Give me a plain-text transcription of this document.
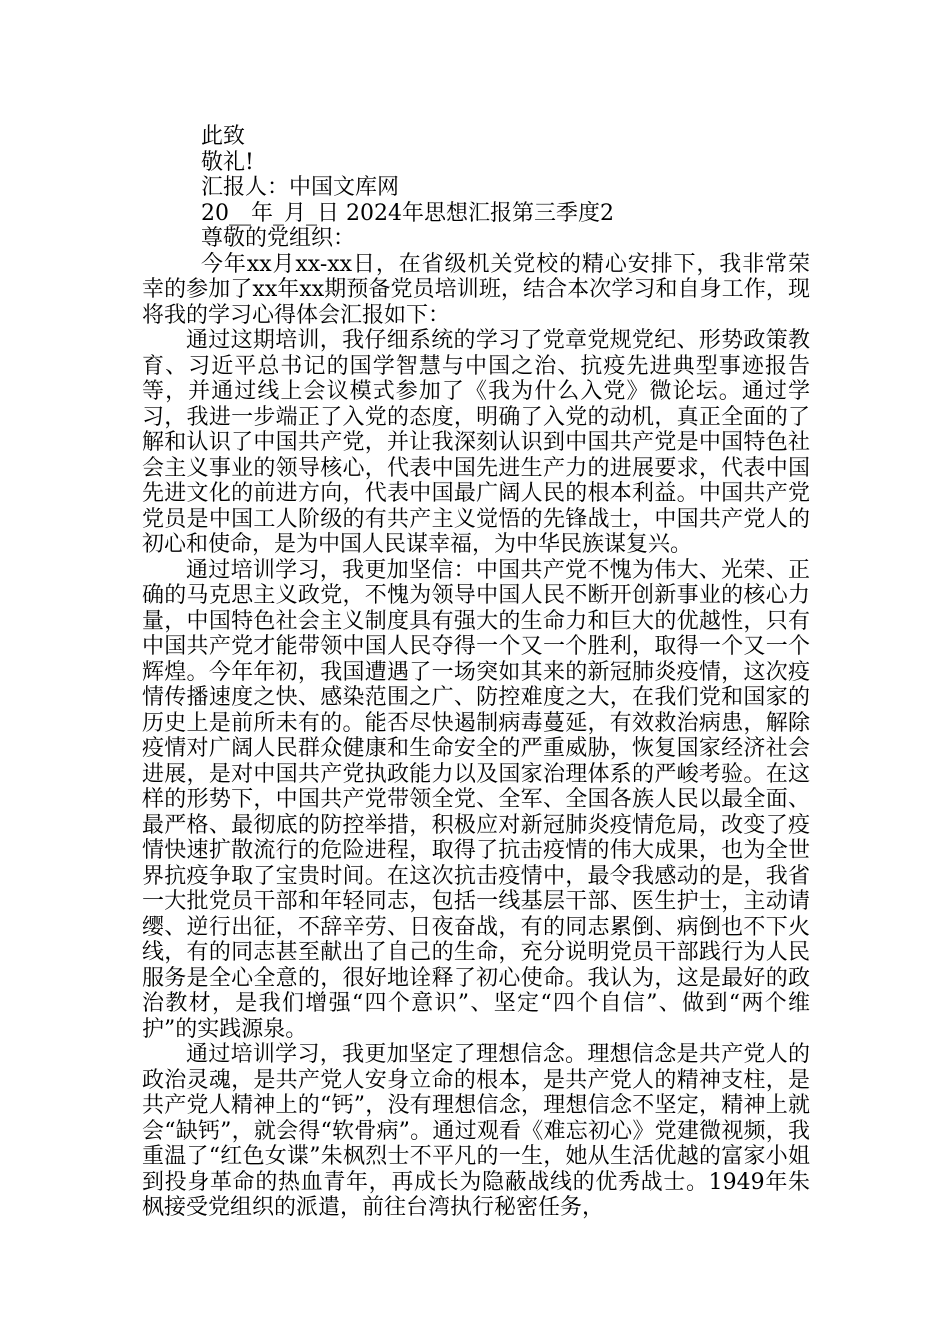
此致
敬礼!
汇报人：中国文库网
20__年_月_日 2024年思想汇报第三季度2
尊敬的党组织：

今年xx月xx-xx日，在省级机关党校的精心安排下，我非常荣幸的参加了xx年xx期预备党员培训班，结合本次学习和自身工作，现将我的学习心得体会汇报如下：

通过这期培训，我仔细系统的学习了党章党规党纪、形势政策教育、习近平总书记的国学智慧与中国之治、抗疫先进典型事迹报告等，并通过线上会议模式参加了《我为什么入党》微论坛。通过学习，我进一步端正了入党的态度，明确了入党的动机，真正全面的了解和认识了中国共产党，并让我深刻认识到中国共产党是中国特色社会主义事业的领导核心，代表中国先进生产力的进展要求，代表中国先进文化的前进方向，代表中国最广阔人民的根本利益。中国共产党党员是中国工人阶级的有共产主义觉悟的先锋战士，中国共产党人的初心和使命，是为中国人民谋幸福，为中华民族谋复兴。

通过培训学习，我更加坚信：中国共产党不愧为伟大、光荣、正确的马克思主义政党，不愧为领导中国人民不断开创新事业的核心力量，中国特色社会主义制度具有强大的生命力和巨大的优越性，只有中国共产党才能带领中国人民夺得一个又一个胜利，取得一个又一个辉煌。今年年初，我国遭遇了一场突如其来的新冠肺炎疫情，这次疫情传播速度之快、感染范围之广、防控难度之大，在我们党和国家的历史上是前所未有的。能否尽快遏制病毒蔓延，有效救治病患，解除疫情对广阔人民群众健康和生命安全的严重威胁，恢复国家经济社会进展，是对中国共产党执政能力以及国家治理体系的严峻考验。在这样的形势下，中国共产党带领全党、全军、全国各族人民以最全面、最严格、最彻底的防控举措，积极应对新冠肺炎疫情危局，改变了疫情快速扩散流行的危险进程，取得了抗击疫情的伟大成果，也为全世界抗疫争取了宝贵时间。在这次抗击疫情中，最令我感动的是，我省一大批党员干部和年轻同志，包括一线基层干部、医生护士，主动请缨、逆行出征，不辞辛劳、日夜奋战，有的同志累倒、病倒也不下火线，有的同志甚至献出了自己的生命，充分说明党员干部践行为人民服务是全心全意的，很好地诠释了初心使命。我认为，这是最好的政治教材，是我们增强“四个意识”、坚定“四个自信”、做到“两个维护”的实践源泉。

通过培训学习，我更加坚定了理想信念。理想信念是共产党人的政治灵魂，是共产党人安身立命的根本，是共产党人的精神支柱，是共产党人精神上的“钙”，没有理想信念，理想信念不坚定，精神上就会“缺钙”，就会得“软骨病”。通过观看《难忘初心》党建微视频，我重温了“红色女谍”朱枫烈士不平凡的一生，她从生活优越的富家小姐到投身革命的热血青年，再成长为隐蔽战线的优秀战士。1949年朱枫接受党组织的派遣，前往台湾执行秘密任务，
